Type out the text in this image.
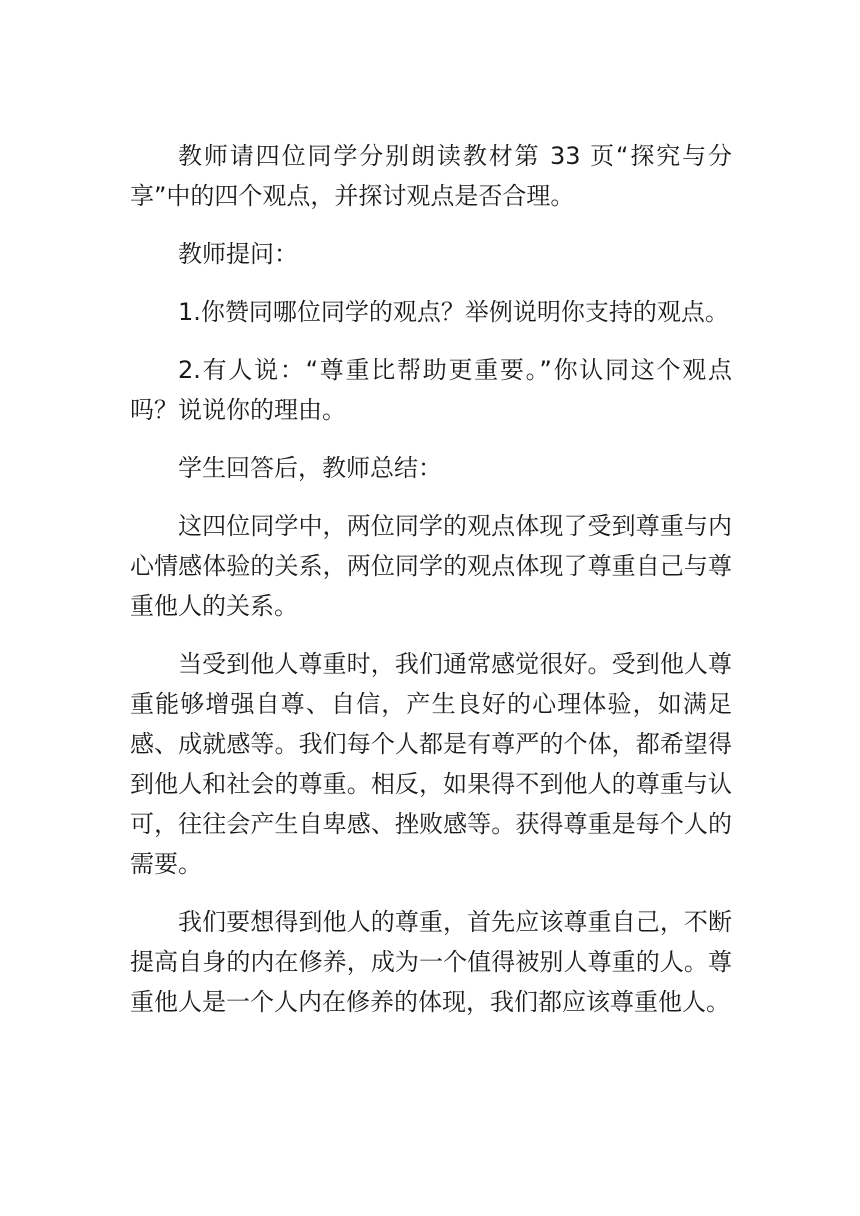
教师请四位同学分别朗读教材第 33 页“探究与分享”中的四个观点，并探讨观点是否合理。

教师提问：

1.你赞同哪位同学的观点？举例说明你支持的观点。

2.有人说：“尊重比帮助更重要。”你认同这个观点吗？说说你的理由。

学生回答后，教师总结：

这四位同学中，两位同学的观点体现了受到尊重与内心情感体验的关系，两位同学的观点体现了尊重自己与尊重他人的关系。

当受到他人尊重时，我们通常感觉很好。受到他人尊重能够增强自尊、自信，产生良好的心理体验，如满足感、成就感等。我们每个人都是有尊严的个体，都希望得到他人和社会的尊重。相反，如果得不到他人的尊重与认可，往往会产生自卑感、挫败感等。获得尊重是每个人的需要。

我们要想得到他人的尊重，首先应该尊重自己，不断提高自身的内在修养，成为一个值得被别人尊重的人。尊重他人是一个人内在修养的体现，我们都应该尊重他人。
